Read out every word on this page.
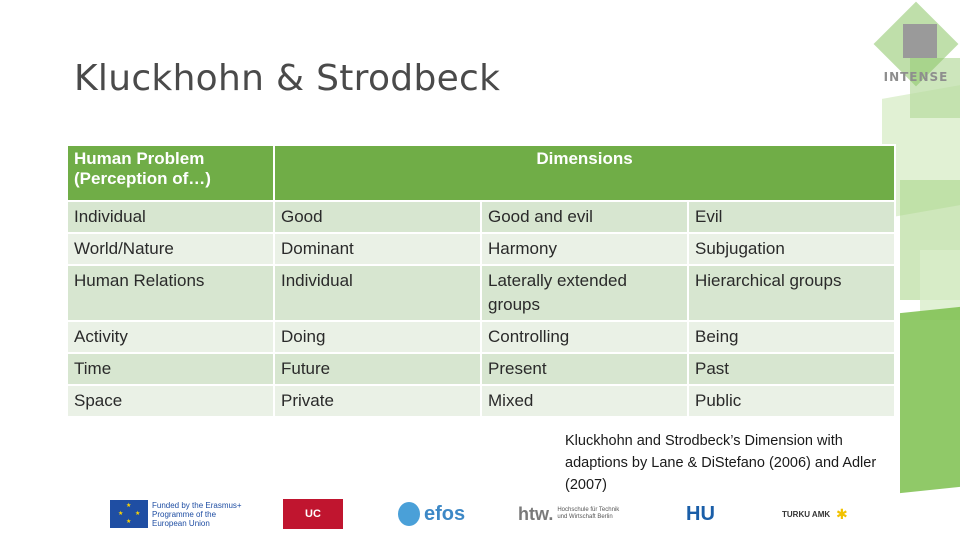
INTENSE
Kluckhohn & Strodbeck
Human Problem (Perception of…)	Dimensions		
Individual	Good	Good and evil	Evil
World/Nature	Dominant	Harmony	Subjugation
Human Relations	Individual	Laterally extended groups	Hierarchical groups
Activity	Doing	Controlling	Being
Time	Future	Present	Past
Space	Private	Mixed	Public
Kluckhohn and Strodbeck’s Dimension with adaptions by Lane & DiStefano (2006) and Adler (2007)
★
★ ★
★
Funded by the Erasmus+ Programme of the European Union
UC	efos	htw. Hochschule für Technik und Wirtschaft Berlin	HU	TURKU AMK ✱
